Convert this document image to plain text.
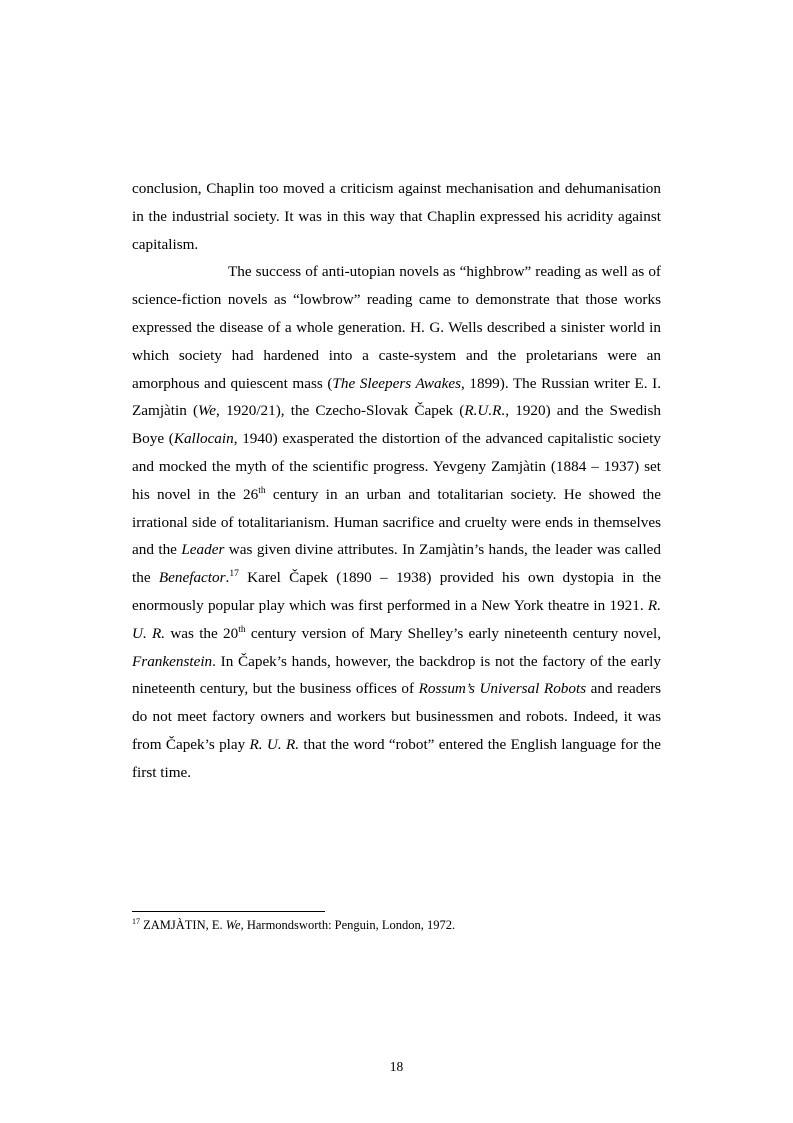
conclusion, Chaplin too moved a criticism against mechanisation and dehumanisation in the industrial society. It was in this way that Chaplin expressed his acridity against capitalism.

The success of anti-utopian novels as “highbrow” reading as well as of science-fiction novels as “lowbrow” reading came to demonstrate that those works expressed the disease of a whole generation. H. G. Wells described a sinister world in which society had hardened into a caste-system and the proletarians were an amorphous and quiescent mass (The Sleepers Awakes, 1899). The Russian writer E. I. Zamjàtin (We, 1920/21), the Czecho-Slovak Čapek (R.U.R., 1920) and the Swedish Boye (Kallocain, 1940) exasperated the distortion of the advanced capitalistic society and mocked the myth of the scientific progress. Yevgeny Zamjàtin (1884 – 1937) set his novel in the 26th century in an urban and totalitarian society. He showed the irrational side of totalitarianism. Human sacrifice and cruelty were ends in themselves and the Leader was given divine attributes. In Zamjàtin’s hands, the leader was called the Benefactor.$^{17}$ Karel Čapek (1890 – 1938) provided his own dystopia in the enormously popular play which was first performed in a New York theatre in 1921. R. U. R. was the 20th century version of Mary Shelley’s early nineteenth century novel, Frankenstein. In Čapek’s hands, however, the backdrop is not the factory of the early nineteenth century, but the business offices of Rossum’s Universal Robots and readers do not meet factory owners and workers but businessmen and robots. Indeed, it was from Čapek’s play R. U. R. that the word “robot” entered the English language for the first time.

$^{17}$ ZAMJÀTIN, E. We, Harmondsworth: Penguin, London, 1972.
18
